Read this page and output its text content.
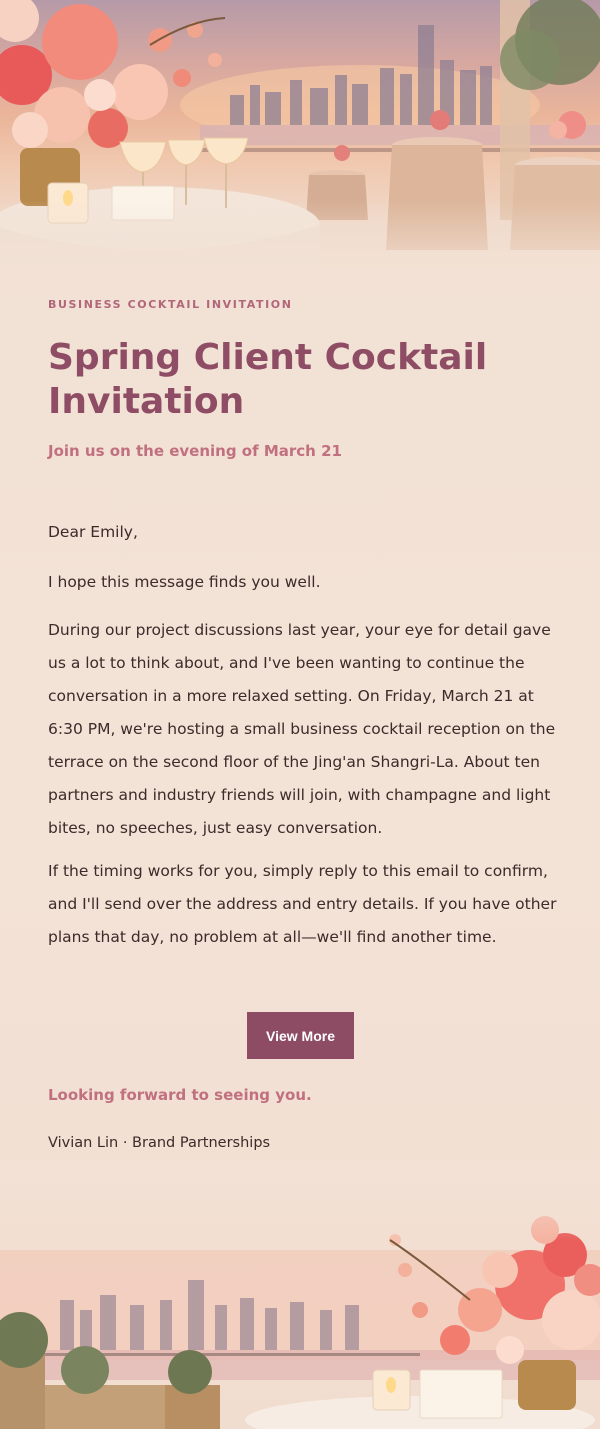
BUSINESS COCKTAIL INVITATION
Spring Client Cocktail Invitation
Join us on the evening of March 21

Dear Emily,

I hope this message finds you well.

During our project discussions last year, your eye for detail gave us a lot to think about, and I've been wanting to continue the conversation in a more relaxed setting. On Friday, March 21 at 6:30 PM, we're hosting a small business cocktail reception on the terrace on the second floor of the Jing'an Shangri-La. About ten partners and industry friends will join, with champagne and light bites, no speeches, just easy conversation.

If the timing works for you, simply reply to this email to confirm, and I'll send over the address and entry details. If you have other plans that day, no problem at all—we'll find another time.

View More
Looking forward to seeing you.
Vivian Lin · Brand Partnerships
